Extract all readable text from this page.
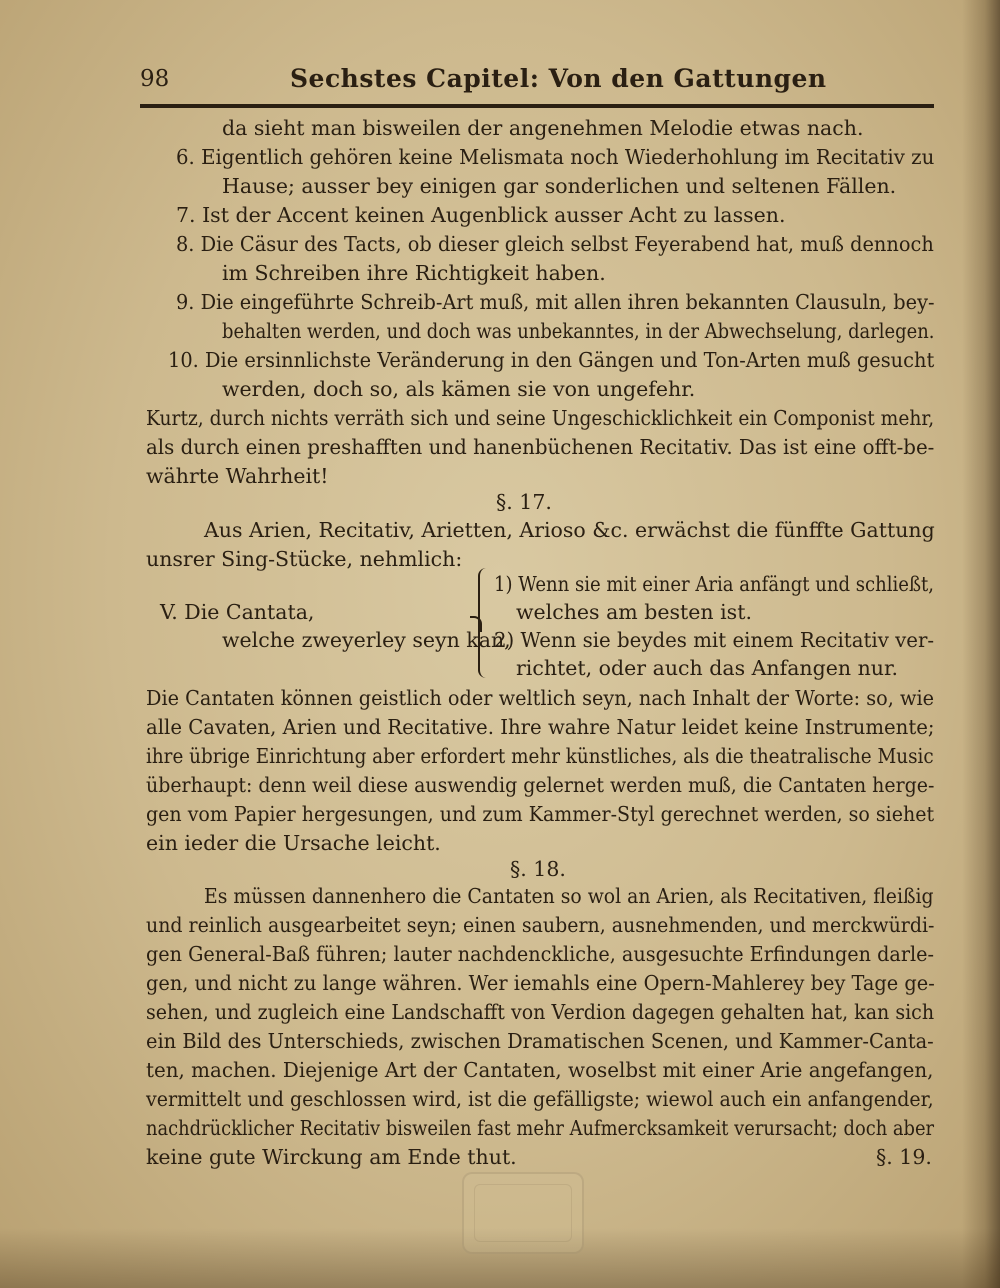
98	Sechstes Capitel: Von den Gattungen
da sieht man bisweilen der angenehmen Melodie etwas nach.
6. Eigentlich gehören keine Melismata noch Wiederhohlung im Recitativ zu
Hause; ausser bey einigen gar sonderlichen und seltenen Fällen.
7. Ist der Accent keinen Augenblick ausser Acht zu lassen.
8. Die Cäsur des Tacts, ob dieser gleich selbst Feyerabend hat, muß dennoch
im Schreiben ihre Richtigkeit haben.
9. Die eingeführte Schreib-Art muß, mit allen ihren bekannten Clausuln, bey-
behalten werden, und doch was unbekanntes, in der Abwechselung, darlegen.
10. Die ersinnlichste Veränderung in den Gängen und Ton-Arten muß gesucht
werden, doch so, als kämen sie von ungefehr.
Kurtz, durch nichts verräth sich und seine Ungeschicklichkeit ein Componist mehr,
als durch einen preshafften und hanenbüchenen Recitativ. Das ist eine offt-be-
währte Wahrheit!
§. 17.
Aus Arien, Recitativ, Arietten, Arioso &c. erwächst die fünffte Gattung
unsrer Sing-Stücke, nehmlich:
1) Wenn sie mit einer Aria anfängt und schließt,
V. Die Cantata,	welches am besten ist.
welche zweyerley seyn kan,
2) Wenn sie beydes mit einem Recitativ ver-
richtet, oder auch das Anfangen nur.
Die Cantaten können geistlich oder weltlich seyn, nach Inhalt der Worte: so, wie
alle Cavaten, Arien und Recitative. Ihre wahre Natur leidet keine Instrumente;
ihre übrige Einrichtung aber erfordert mehr künstliches, als die theatralische Music
überhaupt: denn weil diese auswendig gelernet werden muß, die Cantaten herge-
gen vom Papier hergesungen, und zum Kammer-Styl gerechnet werden, so siehet
ein ieder die Ursache leicht.
§. 18.
Es müssen dannenhero die Cantaten so wol an Arien, als Recitativen, fleißig
und reinlich ausgearbeitet seyn; einen saubern, ausnehmenden, und merckwürdi-
gen General-Baß führen; lauter nachdenckliche, ausgesuchte Erfindungen darle-
gen, und nicht zu lange währen. Wer iemahls eine Opern-Mahlerey bey Tage ge-
sehen, und zugleich eine Landschafft von Verdion dagegen gehalten hat, kan sich
ein Bild des Unterschieds, zwischen Dramatischen Scenen, und Kammer-Canta-
ten, machen. Diejenige Art der Cantaten, woselbst mit einer Arie angefangen,
vermittelt und geschlossen wird, ist die gefälligste; wiewol auch ein anfangender,
nachdrücklicher Recitativ bisweilen fast mehr Aufmercksamkeit verursacht; doch aber
keine gute Wirckung am Ende thut.	§. 19.
